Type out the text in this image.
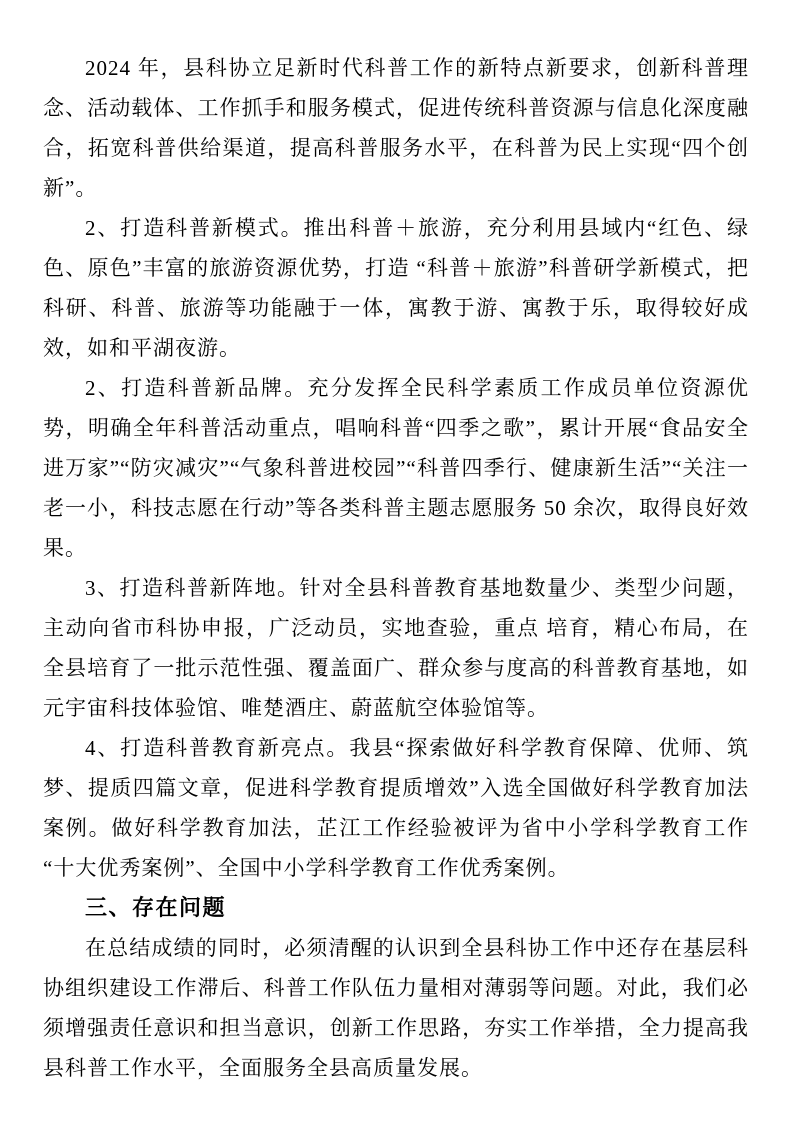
2024 年，县科协立足新时代科普工作的新特点新要求，创新科普理念、活动载体、工作抓手和服务模式，促进传统科普资源与信息化深度融合，拓宽科普供给渠道，提高科普服务水平，在科普为民上实现“四个创新”。

2、打造科普新模式。推出科普＋旅游，充分利用县域内“红色、绿色、原色”丰富的旅游资源优势，打造 “科普＋旅游”科普研学新模式，把科研、科普、旅游等功能融于一体，寓教于游、寓教于乐，取得较好成效，如和平湖夜游。

2、打造科普新品牌。充分发挥全民科学素质工作成员单位资源优势，明确全年科普活动重点，唱响科普“四季之歌”，累计开展“食品安全进万家”“防灾减灾”“气象科普进校园”“科普四季行、健康新生活”“关注一老一小，科技志愿在行动”等各类科普主题志愿服务 50 余次，取得良好效果。

3、打造科普新阵地。针对全县科普教育基地数量少、类型少问题，主动向省市科协申报，广泛动员，实地查验，重点 培育，精心布局，在全县培育了一批示范性强、覆盖面广、群众参与度高的科普教育基地，如元宇宙科技体验馆、唯楚酒庄、蔚蓝航空体验馆等。

4、打造科普教育新亮点。我县“探索做好科学教育保障、优师、筑梦、提质四篇文章，促进科学教育提质增效”入选全国做好科学教育加法案例。做好科学教育加法，芷江工作经验被评为省中小学科学教育工作“十大优秀案例”、全国中小学科学教育工作优秀案例。

三、存在问题

在总结成绩的同时，必须清醒的认识到全县科协工作中还存在基层科协组织建设工作滞后、科普工作队伍力量相对薄弱等问题。对此，我们必须增强责任意识和担当意识，创新工作思路，夯实工作举措，全力提高我县科普工作水平，全面服务全县高质量发展。
